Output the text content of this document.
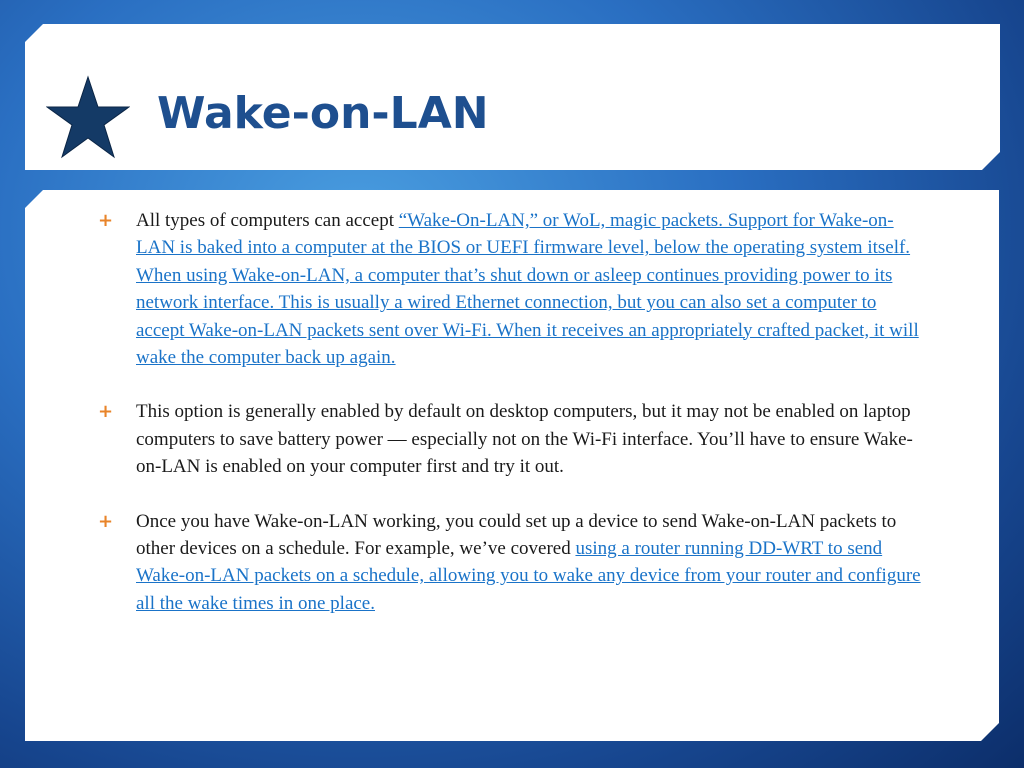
Wake-on-LAN
+ All types of computers can accept “Wake-On-LAN,” or WoL, magic packets. Support for Wake-on-LAN is baked into a computer at the BIOS or UEFI firmware level, below the operating system itself. When using Wake-on-LAN, a computer that’s shut down or asleep continues providing power to its network interface. This is usually a wired Ethernet connection, but you can also set a computer to accept Wake-on-LAN packets sent over Wi-Fi. When it receives an appropriately crafted packet, it will wake the computer back up again.
+ This option is generally enabled by default on desktop computers, but it may not be enabled on laptop computers to save battery power — especially not on the Wi-Fi interface. You’ll have to ensure Wake-on-LAN is enabled on your computer first and try it out.
+ Once you have Wake-on-LAN working, you could set up a device to send Wake-on-LAN packets to other devices on a schedule. For example, we’ve covered using a router running DD-WRT to send Wake-on-LAN packets on a schedule, allowing you to wake any device from your router and configure all the wake times in one place.
